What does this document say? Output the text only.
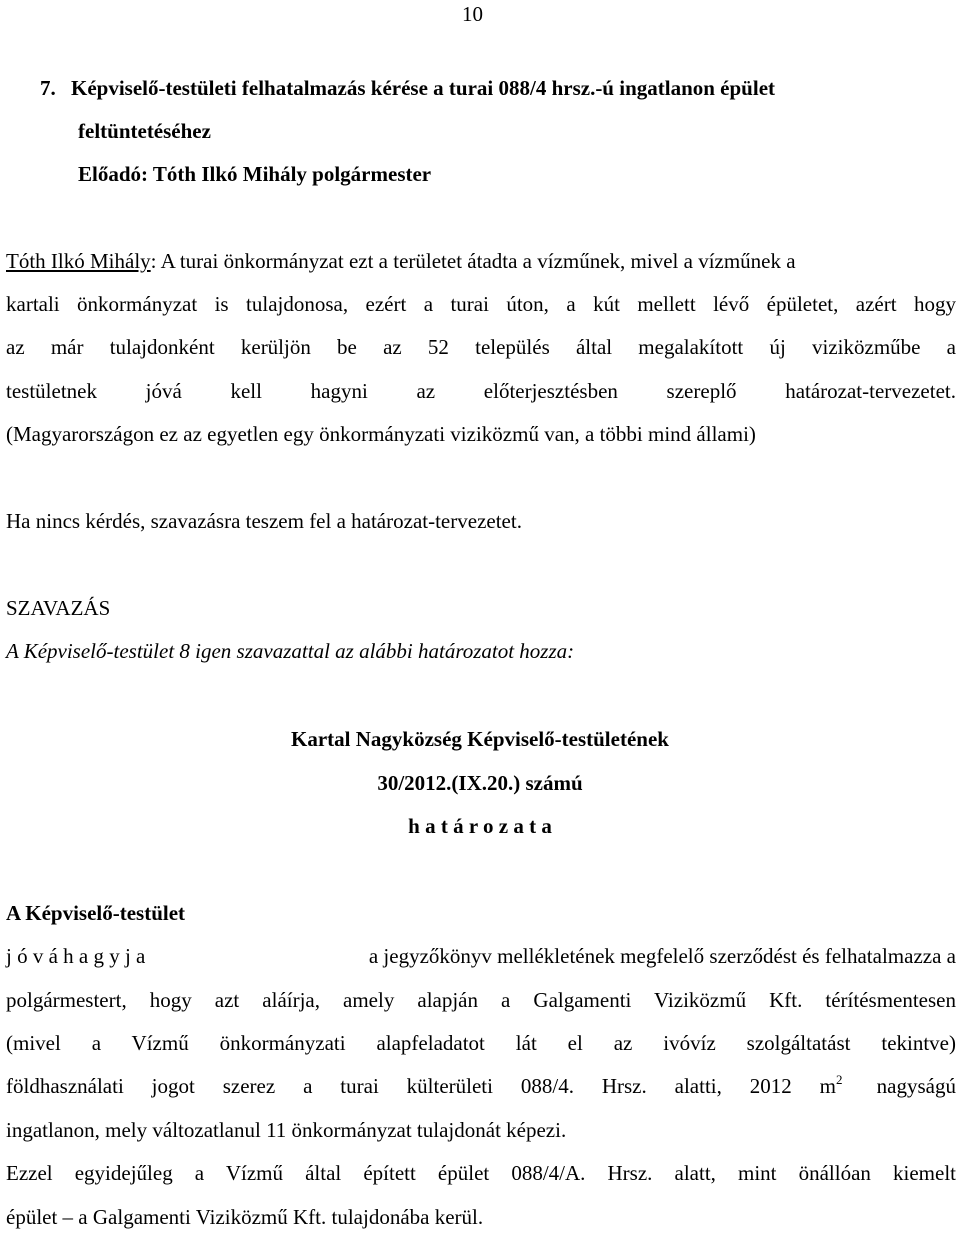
10
7. Képviselő-testületi felhatalmazás kérése a turai 088/4 hrsz.-ú ingatlanon épület
feltüntetéséhez
Előadó: Tóth Ilkó Mihály polgármester
Tóth Ilkó Mihály: A turai önkormányzat ezt a területet átadta a vízműnek, mivel a vízműnek a
kartali önkormányzat is tulajdonosa, ezért a turai úton, a kút mellett lévő épületet, azért hogy
az már tulajdonként kerüljön be az 52 település által megalakított új viziközműbe a
testületnek jóvá kell hagyni az előterjesztésben szereplő határozat-tervezetet.
(Magyarországon ez az egyetlen egy önkormányzati viziközmű van, a többi mind állami)
Ha nincs kérdés, szavazásra teszem fel a határozat-tervezetet.
SZAVAZÁS
A Képviselő-testület 8 igen szavazattal az alábbi határozatot hozza:
Kartal Nagyközség Képviselő-testületének
30/2012.(IX.20.) számú
h a t á r o z a t a
A Képviselő-testület
j ó v á h a g y j a	a jegyzőkönyv mellékletének megfelelő szerződést és felhatalmazza a
polgármestert, hogy azt aláírja, amely alapján a Galgamenti Viziközmű Kft. térítésmentesen
(mivel a Vízmű önkormányzati alapfeladatot lát el az ivóvíz szolgáltatást tekintve)
földhasználati jogot szerez a turai külterületi 088/4. Hrsz. alatti, 2012 $m^2$ nagyságú
ingatlanon, mely változatlanul 11 önkormányzat tulajdonát képezi.
Ezzel egyidejűleg a Vízmű által épített épület 088/4/A. Hrsz. alatt, mint önállóan kiemelt
épület – a Galgamenti Viziközmű Kft. tulajdonába kerül.
